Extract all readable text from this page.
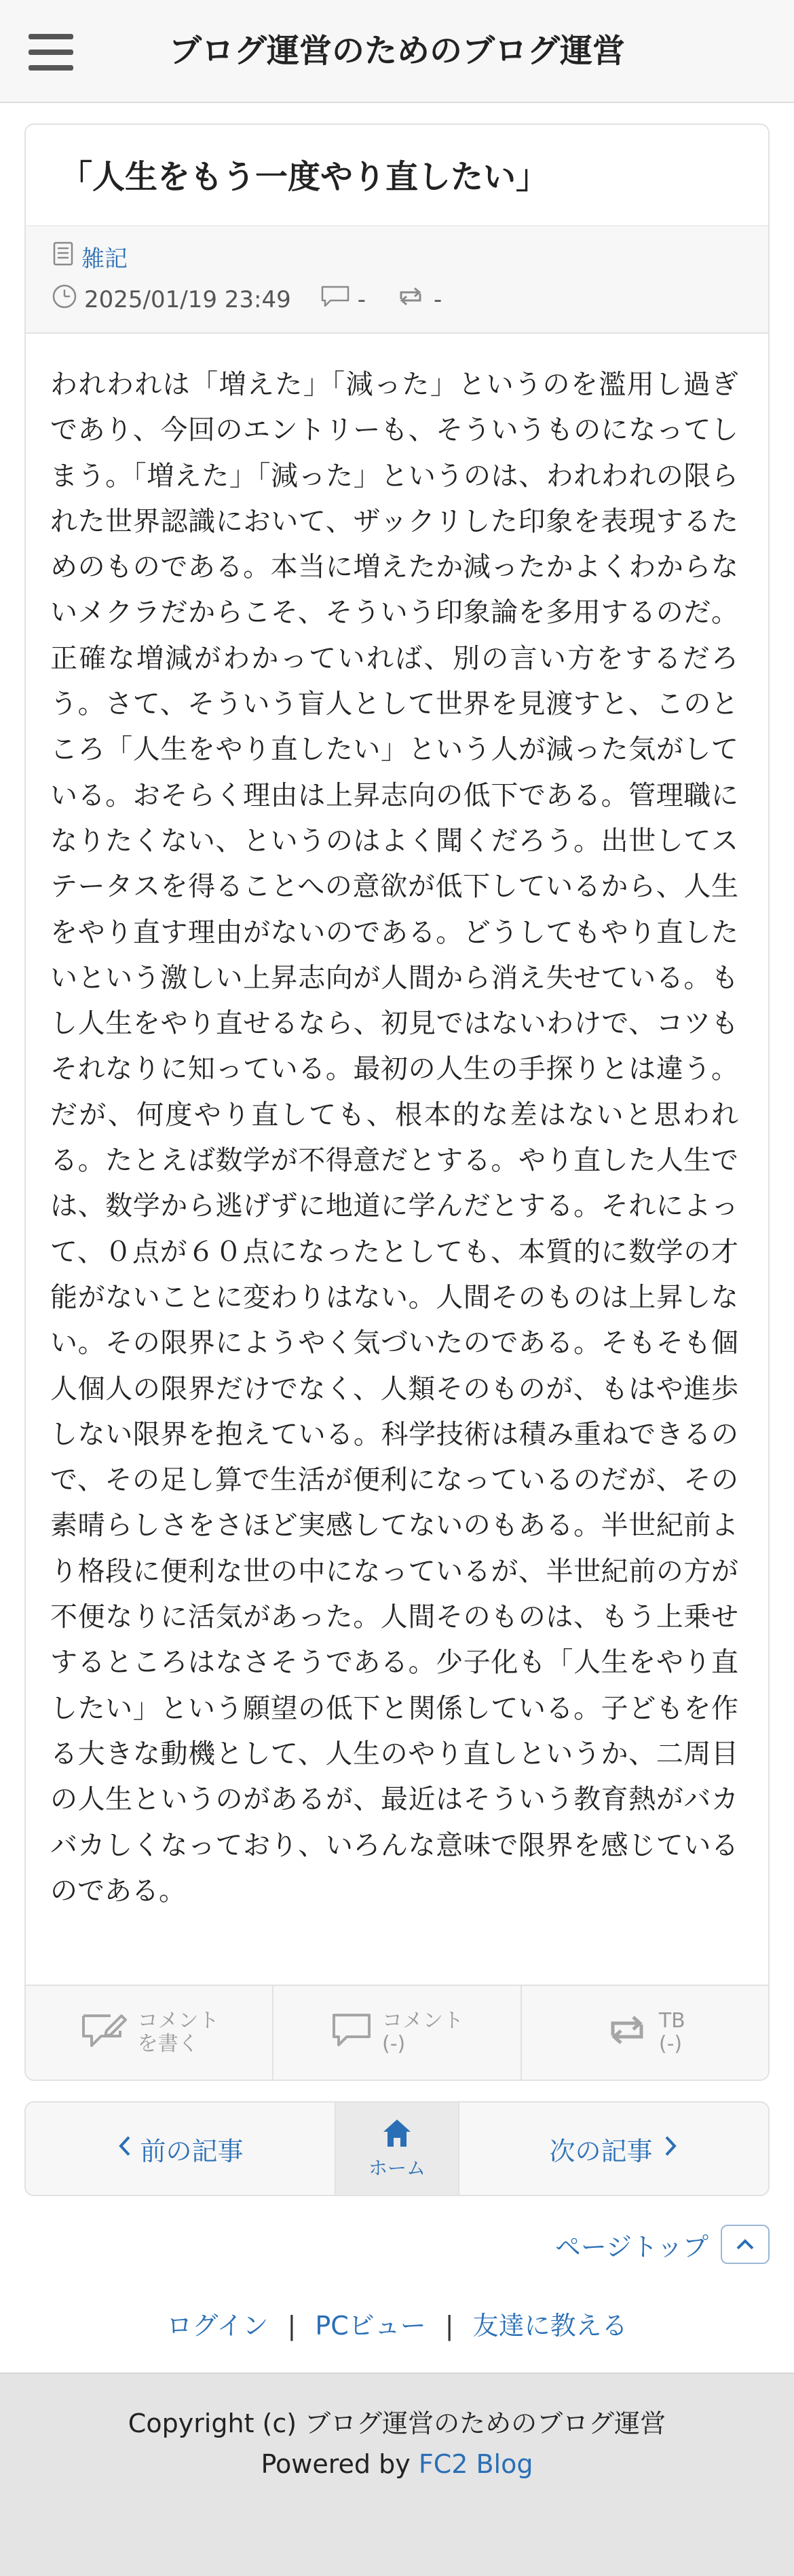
ブログ運営のためのブログ運営
「人生をもう一度やり直したい」
雑記
2025/01/19 23:49	-	-
われわれは「増えた」「減った」というのを濫用し過ぎであり、今回のエントリーも、そういうものになってしまう。「増えた」「減った」というのは、われわれの限られた世界認識において、ザックリした印象を表現するためのものである。本当に増えたか減ったかよくわからないメクラだからこそ、そういう印象論を多用するのだ。正確な増減がわかっていれば、別の言い方をするだろう。さて、そういう盲人として世界を見渡すと、このところ「人生をやり直したい」という人が減った気がしている。おそらく理由は上昇志向の低下である。管理職になりたくない、というのはよく聞くだろう。出世してステータスを得ることへの意欲が低下しているから、人生をやり直す理由がないのである。どうしてもやり直したいという激しい上昇志向が人間から消え失せている。もし人生をやり直せるなら、初見ではないわけで、コツもそれなりに知っている。最初の人生の手探りとは違う。だが、何度やり直しても、根本的な差はないと思われる。たとえば数学が不得意だとする。やり直した人生では、数学から逃げずに地道に学んだとする。それによって、０点が６０点になったとしても、本質的に数学の才能がないことに変わりはない。人間そのものは上昇しない。その限界にようやく気づいたのである。そもそも個人個人の限界だけでなく、人類そのものが、もはや進歩しない限界を抱えている。科学技術は積み重ねできるので、その足し算で生活が便利になっているのだが、その素晴らしさをさほど実感してないのもある。半世紀前より格段に便利な世の中になっているが、半世紀前の方が不便なりに活気があった。人間そのものは、もう上乗せするところはなさそうである。少子化も「人生をやり直したい」という願望の低下と関係している。子どもを作る大きな動機として、人生のやり直しというか、二周目の人生というのがあるが、最近はそういう教育熱がバカバカしくなっており、いろんな意味で限界を感じているのである。
コメント
を書く
コメント
(-)
TB
(-)
前の記事
ホーム
次の記事
ページトップ
ログイン | PCビュー | 友達に教える
Copyright (c) ブログ運営のためのブログ運営
Powered by FC2 Blog
